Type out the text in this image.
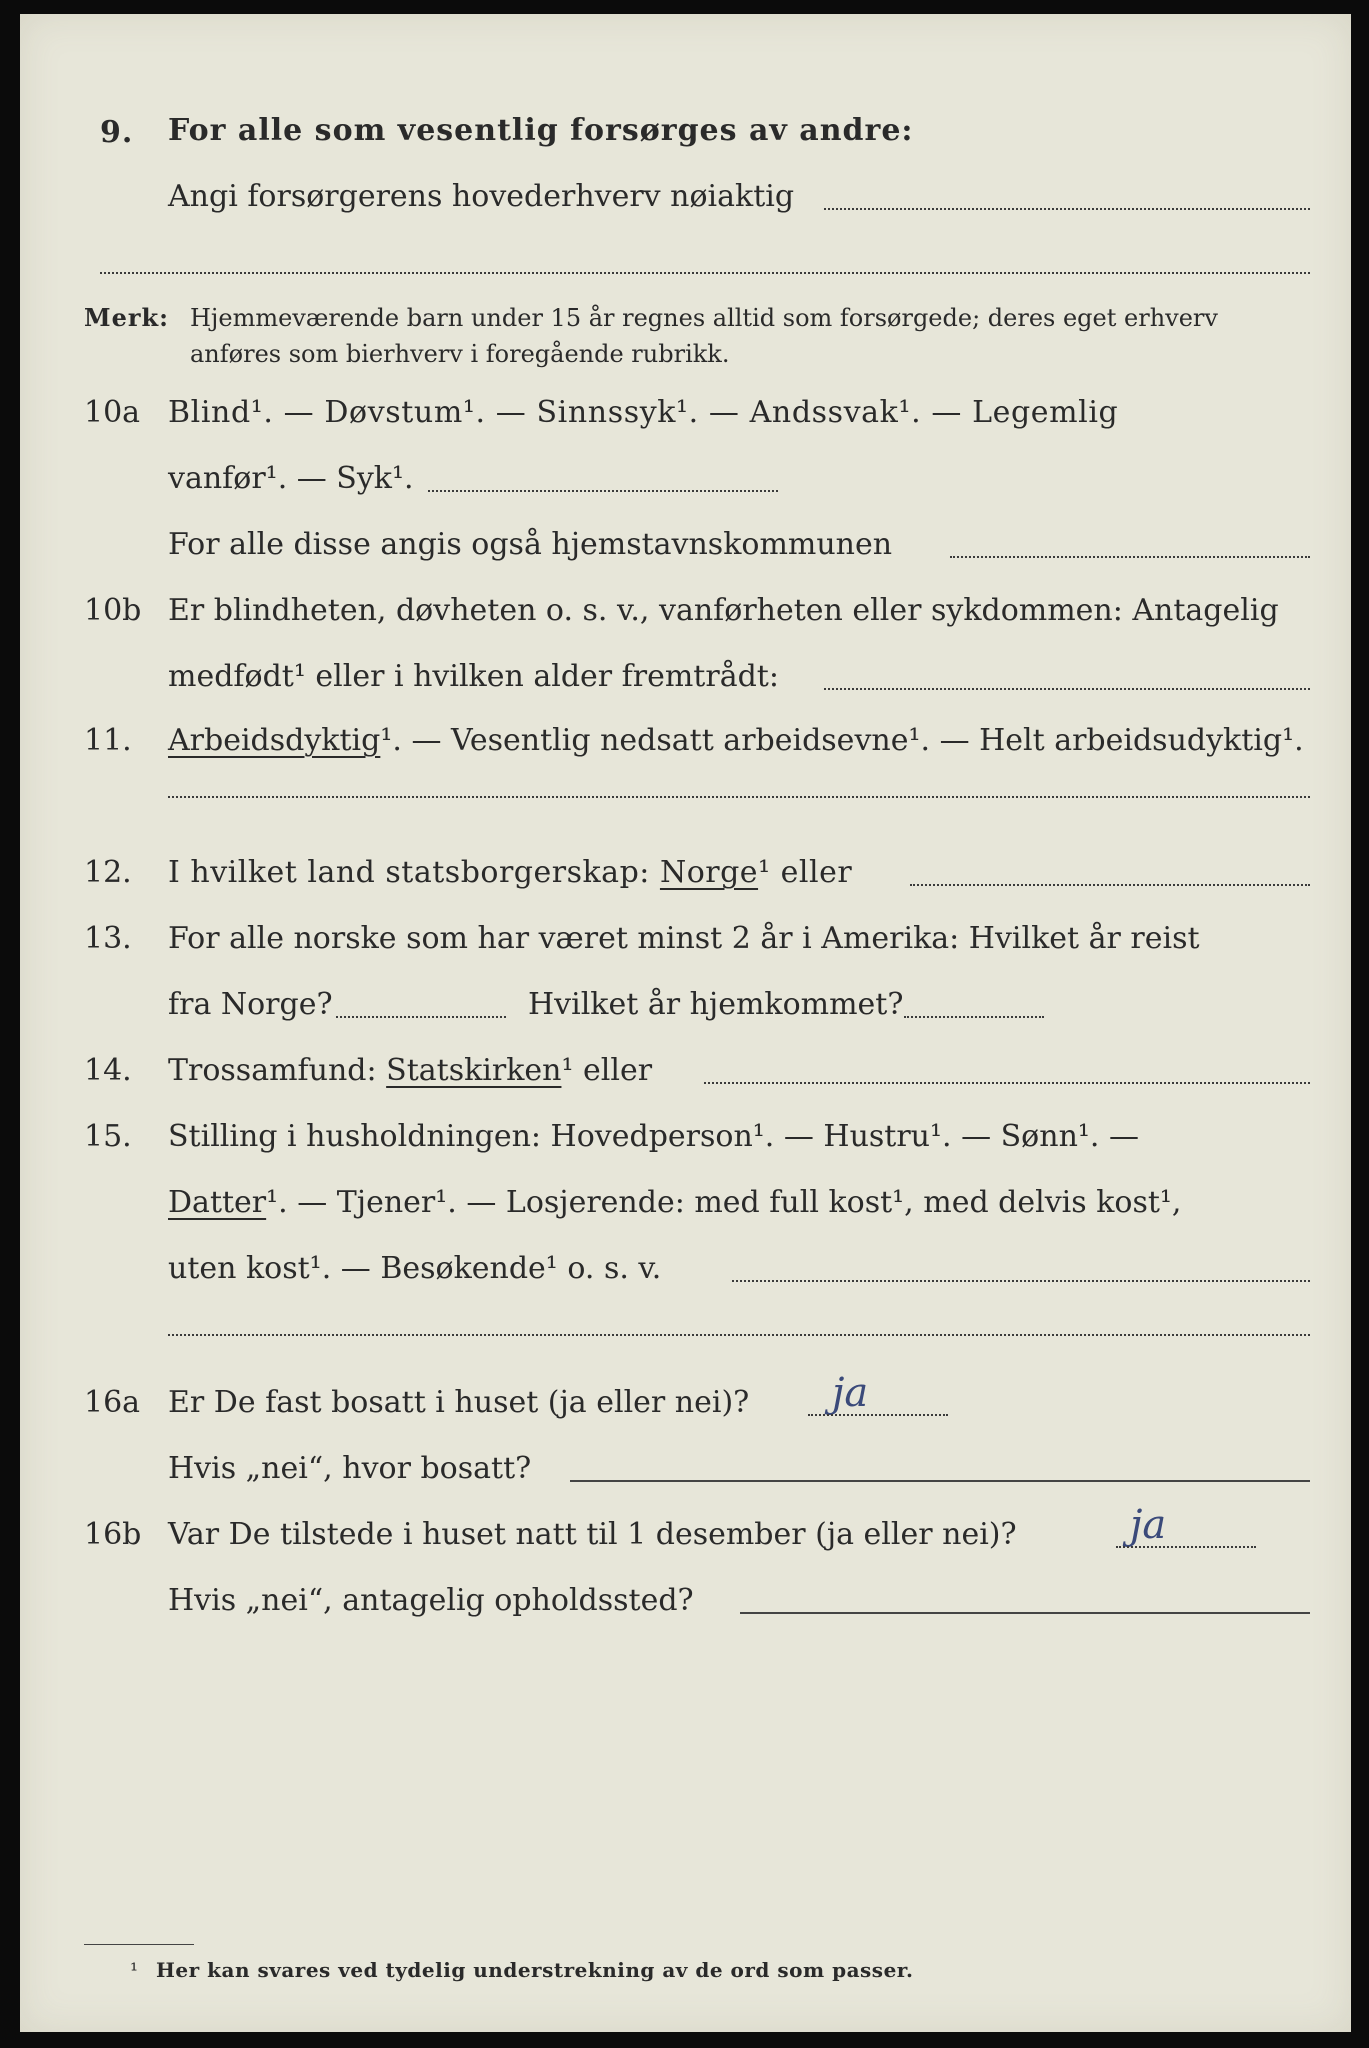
9. For alle som vesentlig forsørges av andre:
Angi forsørgerens hovederhverv nøiaktig
Merk: Hjemmeværende barn under 15 år regnes alltid som forsørgede; deres eget erhverv
anføres som bierhverv i foregående rubrikk.
10a Blind¹. — Døvstum¹. — Sinnssyk¹. — Andssvak¹. — Legemlig
vanfør¹. — Syk¹.
For alle disse angis også hjemstavnskommunen
10b Er blindheten, døvheten o. s. v., vanførheten eller sykdommen: Antagelig
medfødt¹ eller i hvilken alder fremtrådt:
11. Arbeidsdyktig¹. — Vesentlig nedsatt arbeidsevne¹. — Helt arbeidsudyktig¹.
12. I hvilket land statsborgerskap: Norge¹ eller
13. For alle norske som har været minst 2 år i Amerika: Hvilket år reist
fra Norge?	Hvilket år hjemkommet?
14. Trossamfund: Statskirken¹ eller
15. Stilling i husholdningen: Hovedperson¹. — Hustru¹. — Sønn¹. —
Datter¹. — Tjener¹. — Losjerende: med full kost¹, med delvis kost¹,
uten kost¹. — Besøkende¹ o. s. v.
16a Er De fast bosatt i huset (ja eller nei)? ja
Hvis „nei“, hvor bosatt?
16b Var De tilstede i huset natt til 1 desember (ja eller nei)?	ja
Hvis „nei“, antagelig opholdssted?
¹ Her kan svares ved tydelig understrekning av de ord som passer.
